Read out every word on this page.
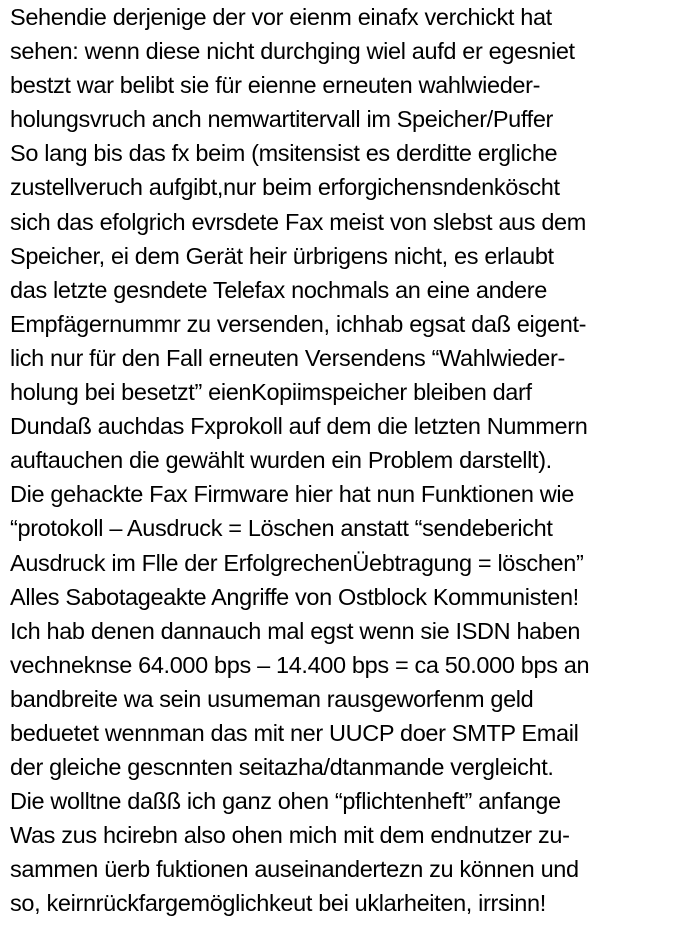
Sehendie derjenige der vor eienm einafx verchickt hat
sehen: wenn diese nicht durchging wiel aufd er egesniet
bestzt war belibt sie für eienne erneuten wahlwieder-
holungsvruch anch nemwartitervall im Speicher/Puffer
So lang bis das fx beim (msitensist es derditte ergliche
zustellveruch aufgibt,nur beim erforgichensndenköscht
sich das efolgrich evrsdete Fax meist von slebst aus dem
Speicher, ei dem Gerät heir ürbrigens nicht, es erlaubt
das letzte gesndete Telefax nochmals an eine andere
Empfägernummr zu versenden, ichhab egsat daß eigent-
lich nur für den Fall erneuten Versendens “Wahlwieder-
holung bei besetzt” eienKopiimspeicher bleiben darf
Dundaß auchdas Fxprokoll auf dem die letzten Nummern
auftauchen die gewählt wurden ein Problem darstellt).
Die gehackte Fax Firmware hier hat nun Funktionen wie
“protokoll – Ausdruck = Löschen anstatt “sendebericht
Ausdruck im Flle der ErfolgrechenÜebtragung = löschen”
Alles Sabotageakte Angriffe von Ostblock Kommunisten!
Ich hab denen dannauch mal egst wenn sie ISDN haben
vechneknse 64.000 bps – 14.400 bps = ca 50.000 bps an
bandbreite wa sein usumeman rausgeworfenm geld
beduetet wennman das mit ner UUCP doer SMTP Email
der gleiche gescnnten seitazha/dtanmande vergleicht.
Die wolltne daßß ich ganz ohen “pflichtenheft” anfange
Was zus hcirebn also ohen mich mit dem endnutzer zu-
sammen üerb fuktionen auseinandertezn zu können und
so, keirnrückfargemöglichkeut bei uklarheiten, irrsinn!
